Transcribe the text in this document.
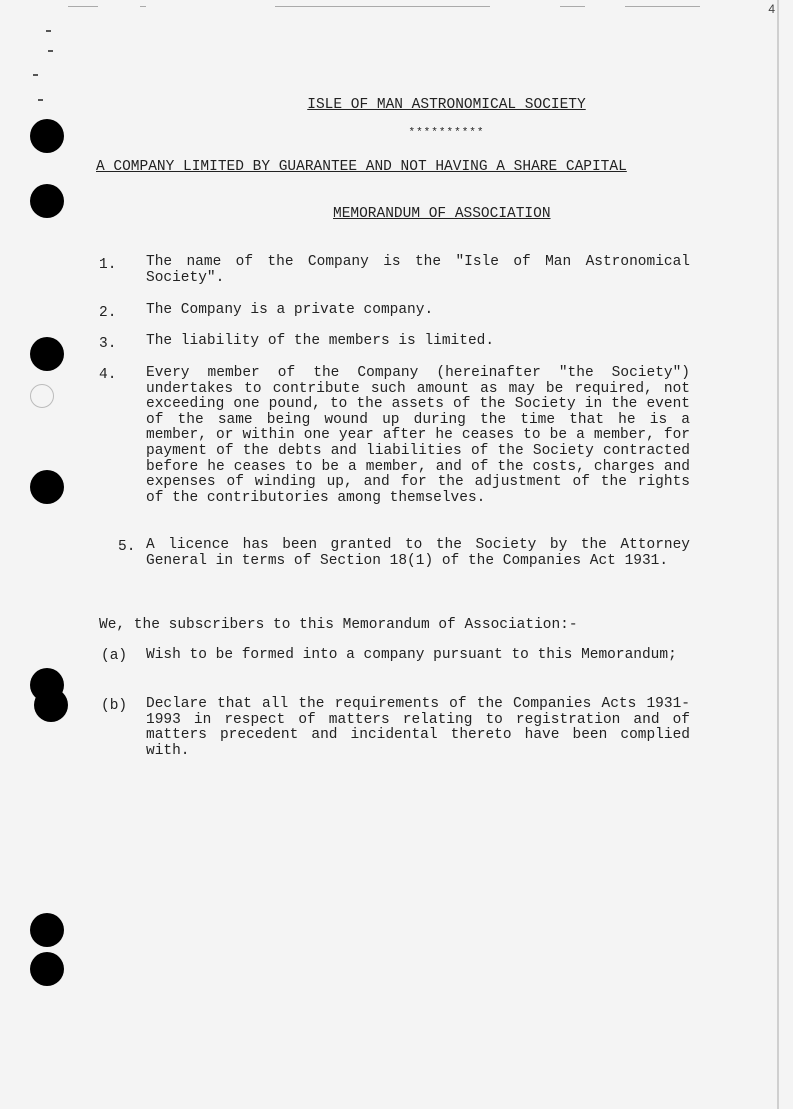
4
ISLE OF MAN ASTRONOMICAL SOCIETY
**********
A COMPANY LIMITED BY GUARANTEE AND NOT HAVING A SHARE CAPITAL
MEMORANDUM OF ASSOCIATION
1. The name of the Company is the "Isle of Man Astronomical Society".
2. The Company is a private company.
3. The liability of the members is limited.
4. Every member of the Company (hereinafter "the Society") undertakes to contribute such amount as may be required, not exceeding one pound, to the assets of the Society in the event of the same being wound up during the time that he is a member, or within one year after he ceases to be a member, for payment of the debts and liabilities of the Society contracted before he ceases to be a member, and of the costs, charges and expenses of winding up, and for the adjustment of the rights of the contributories among themselves.
5. A licence has been granted to the Society by the Attorney General in terms of Section 18(1) of the Companies Act 1931.
We, the subscribers to this Memorandum of Association:-
(a) Wish to be formed into a company pursuant to this Memorandum;
(b) Declare that all the requirements of the Companies Acts 1931-1993 in respect of matters relating to registration and of matters precedent and incidental thereto have been complied with.
